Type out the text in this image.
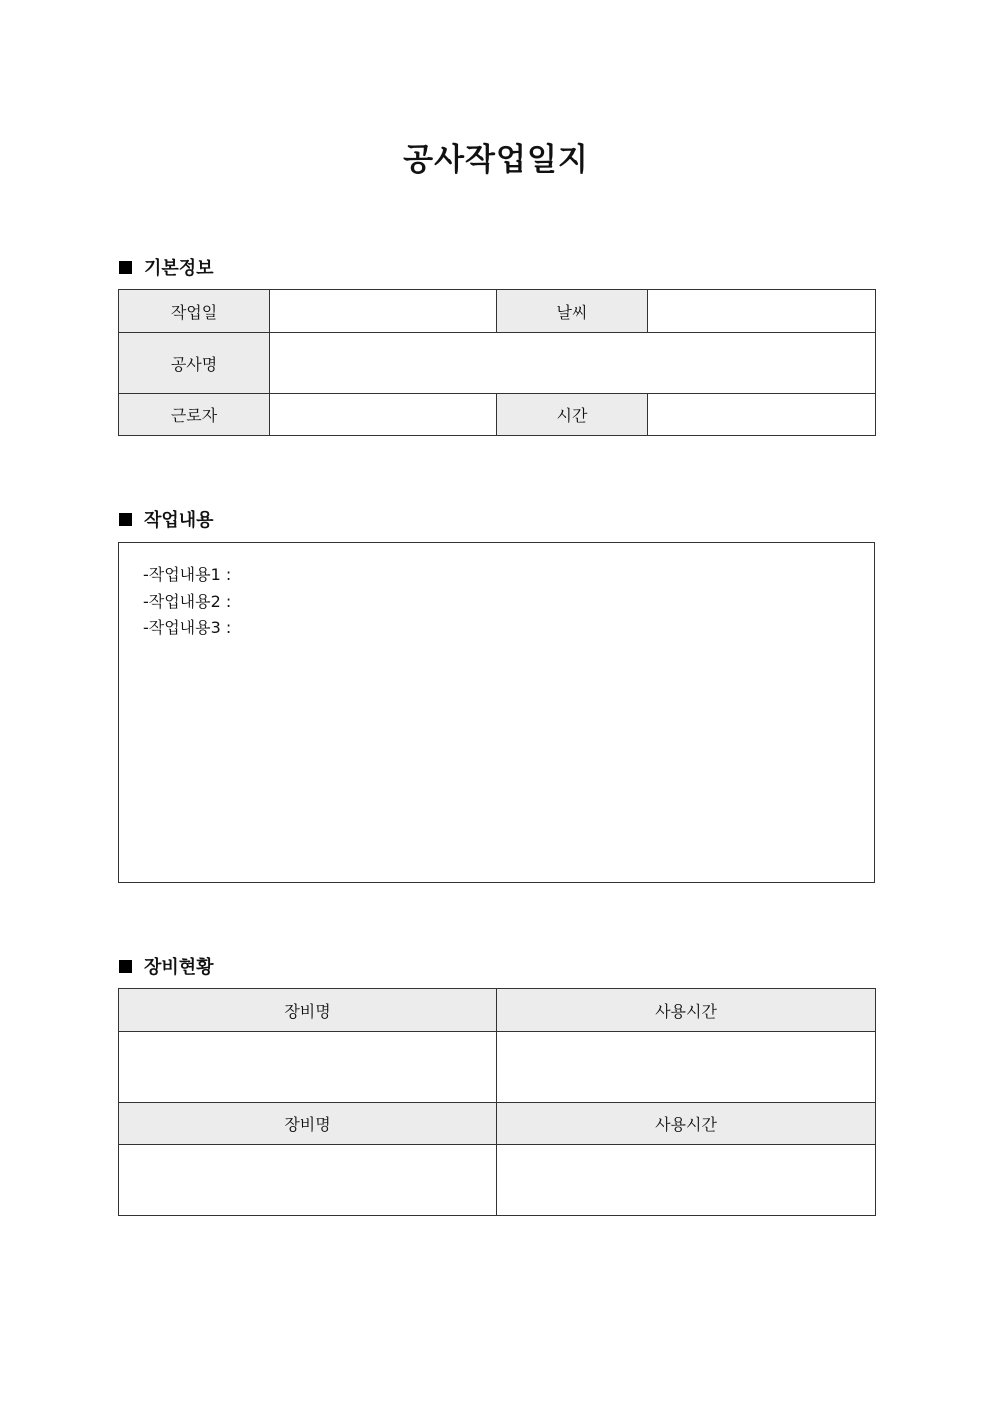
공사작업일지
기본정보
작업일		날씨	
공사명			
근로자		시간	
작업내용
-작업내용1 :
-작업내용2 :
-작업내용3 :
장비현황
장비명	사용시간

장비명	사용시간
